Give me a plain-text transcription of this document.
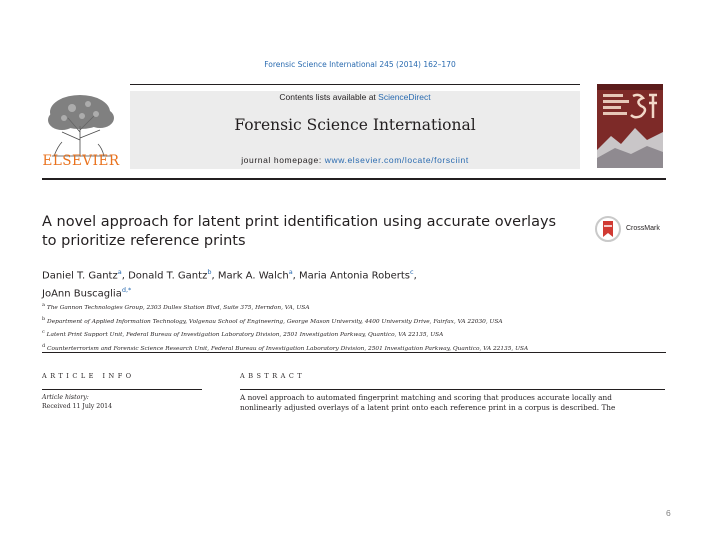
Forensic Science International 245 (2014) 162–170
ELSEVIER
Contents lists available at ScienceDirect
Forensic Science International
journal homepage: www.elsevier.com/locate/forsciint
A novel approach for latent print identification using accurate overlays
to prioritize reference prints
CrossMark
Daniel T. Gantz$^a$, Donald T. Gantz$^b$, Mark A. Walch$^a$, Maria Antonia Roberts$^c$,
JoAnn Buscaglia$^{d,*}$
$^a$ The Gannon Technologies Group, 2303 Dulles Station Blvd, Suite 375, Herndon, VA, USA
$^b$ Department of Applied Information Technology, Volgenau School of Engineering, George Mason University, 4400 University Drive, Fairfax, VA 22030, USA
$^c$ Latent Print Support Unit, Federal Bureau of Investigation Laboratory Division, 2501 Investigation Parkway, Quantico, VA 22135, USA
$^d$ Counterterrorism and Forensic Science Research Unit, Federal Bureau of Investigation Laboratory Division, 2501 Investigation Parkway, Quantico, VA 22135, USA
ARTICLE INFO
Article history:
Received 11 July 2014
ABSTRACT
A novel approach to automated fingerprint matching and scoring that produces accurate locally and
nonlinearly adjusted overlays of a latent print onto each reference print in a corpus is described. The
6
